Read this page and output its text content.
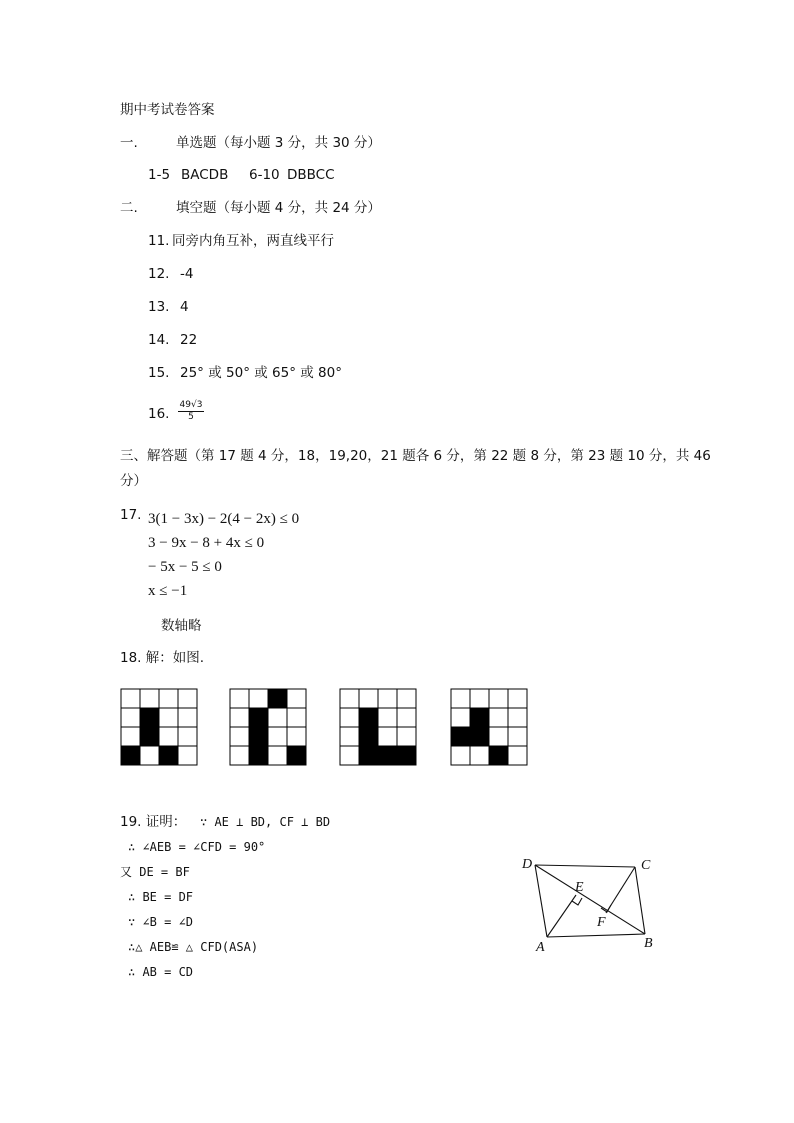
期中考试卷答案
一.	单选题（每小题 3 分，共 30 分）
1-5 BACDB 6-10 DBBCC
二.	填空题（每小题 4 分，共 24 分）
11. 同旁内角互补，两直线平行
12. -4
13. 4
14. 22
15. 25° 或 50° 或 65° 或 80°
16. $\frac{49√3}{5}$
三、解答题（第 17 题 4 分，18，19,20，21 题各 6 分，第 22 题 8 分，第 23 题 10 分，共 46
分）
17. 3(1 − 3x) − 2(4 − 2x) ≤ 0
3 − 9x − 8 + 4x ≤ 0
− 5x − 5 ≤ 0
x ≤ −1
数轴略
18. 解：如图.
19. 证明： ∵ AE ⊥ BD, CF ⊥ BD
∴ ∠AEB = ∠CFD = 90°
又 DE = BF
∴ BE = DF
∵ ∠B = ∠D
∴△ AEB≌ △ CFD(ASA)
∴ AB = CD
D	C
E
F
A	B
